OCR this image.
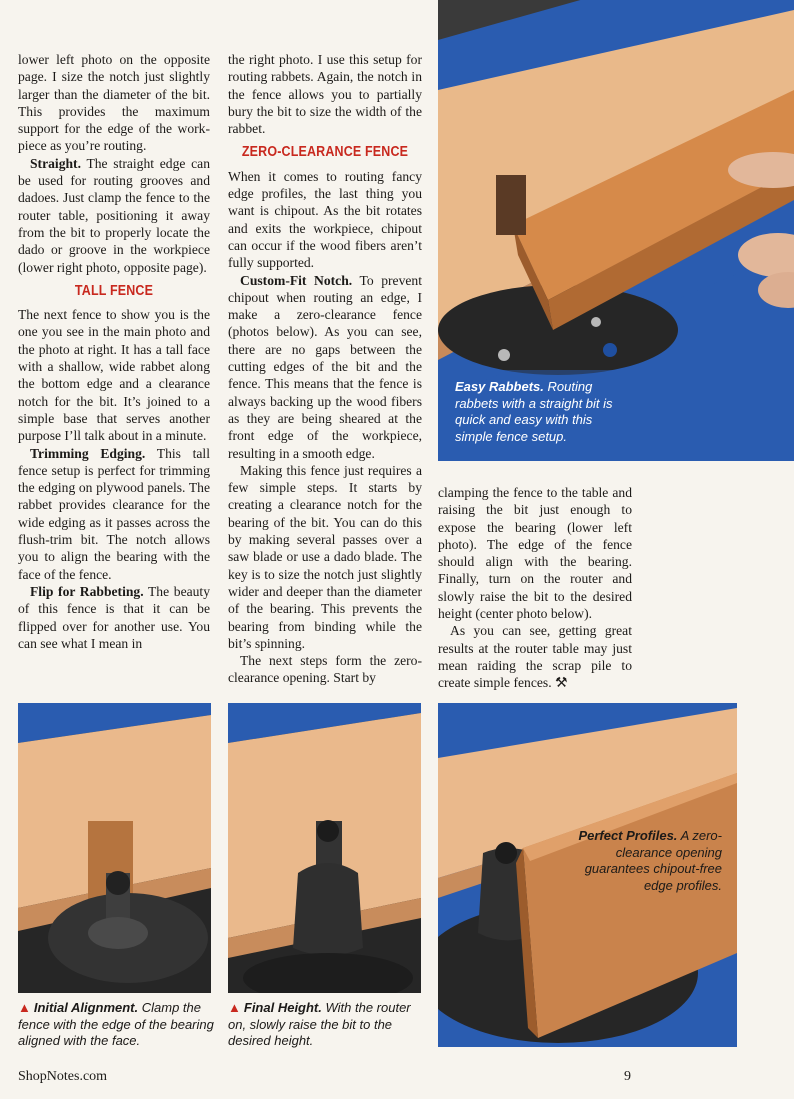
lower left photo on the opposite page. I size the notch just slightly larger than the diameter of the bit. This provides the maximum support for the edge of the workpiece as you’re routing.

Straight. The straight edge can be used for routing grooves and dadoes. Just clamp the fence to the router table, positioning it away from the bit to properly locate the dado or groove in the workpiece (lower right photo, opposite page).

TALL FENCE

The next fence to show you is the one you see in the main photo and the photo at right. It has a tall face with a shallow, wide rabbet along the bottom edge and a clearance notch for the bit. It’s joined to a simple base that serves another purpose I’ll talk about in a minute.

Trimming Edging. This tall fence setup is perfect for trimming the edging on plywood panels. The rabbet provides clearance for the wide edging as it passes across the flush-trim bit. The notch allows you to align the bearing with the face of the fence.

Flip for Rabbeting. The beauty of this fence is that it can be flipped over for another use. You can see what I mean in

the right photo. I use this setup for routing rabbets. Again, the notch in the fence allows you to partially bury the bit to size the width of the rabbet.

ZERO-CLEARANCE FENCE

When it comes to routing fancy edge profiles, the last thing you want is chipout. As the bit rotates and exits the workpiece, chipout can occur if the wood fibers aren’t fully supported.

Custom-Fit Notch. To prevent chipout when routing an edge, I make a zero-clearance fence (photos below). As you can see, there are no gaps between the cutting edges of the bit and the fence. This means that the fence is always backing up the wood fibers as they are being sheared at the front edge of the workpiece, resulting in a smooth edge.

Making this fence just requires a few simple steps. It starts by creating a clearance notch for the bearing of the bit. You can do this by making several passes over a saw blade or use a dado blade. The key is to size the notch just slightly wider and deeper than the diameter of the bearing. This prevents the bearing from binding while the bit’s spinning.

The next steps form the zero-clearance opening. Start by

clamping the fence to the table and raising the bit just enough to expose the bearing (lower left photo). The edge of the fence should align with the bearing. Finally, turn on the router and slowly raise the bit to the desired height (center photo below).

As you can see, getting great results at the router table may just mean raiding the scrap pile to create simple fences. ⚒

Easy Rabbets. Routing rabbets with a straight bit is quick and easy with this simple fence setup.
▲ Initial Alignment. Clamp the fence with the edge of the bearing aligned with the face.
▲ Final Height. With the router on, slowly raise the bit to the desired height.
Perfect Profiles. A zero-clearance opening guarantees chipout-free edge profiles.
ShopNotes.com	9
